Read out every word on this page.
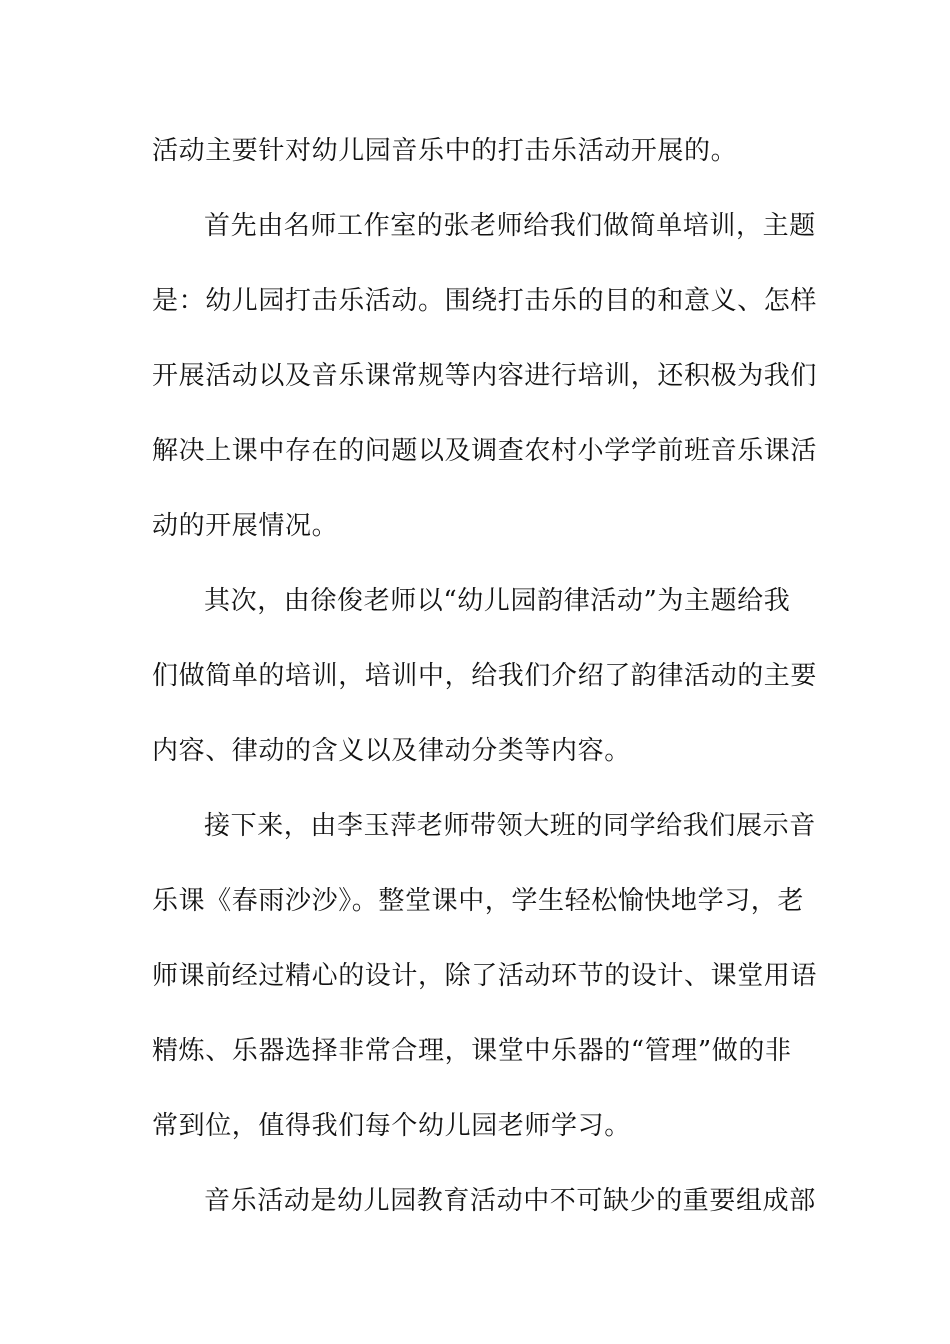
活动主要针对幼儿园音乐中的打击乐活动开展的。
首先由名师工作室的张老师给我们做简单培训，主题
是：幼儿园打击乐活动。围绕打击乐的目的和意义、怎样
开展活动以及音乐课常规等内容进行培训，还积极为我们
解决上课中存在的问题以及调查农村小学学前班音乐课活
动的开展情况。
其次，由徐俊老师以“幼儿园韵律活动”为主题给我
们做简单的培训，培训中，给我们介绍了韵律活动的主要
内容、律动的含义以及律动分类等内容。
接下来，由李玉萍老师带领大班的同学给我们展示音
乐课《春雨沙沙》。整堂课中，学生轻松愉快地学习，老
师课前经过精心的设计，除了活动环节的设计、课堂用语
精炼、乐器选择非常合理，课堂中乐器的“管理”做的非
常到位，值得我们每个幼儿园老师学习。
音乐活动是幼儿园教育活动中不可缺少的重要组成部
